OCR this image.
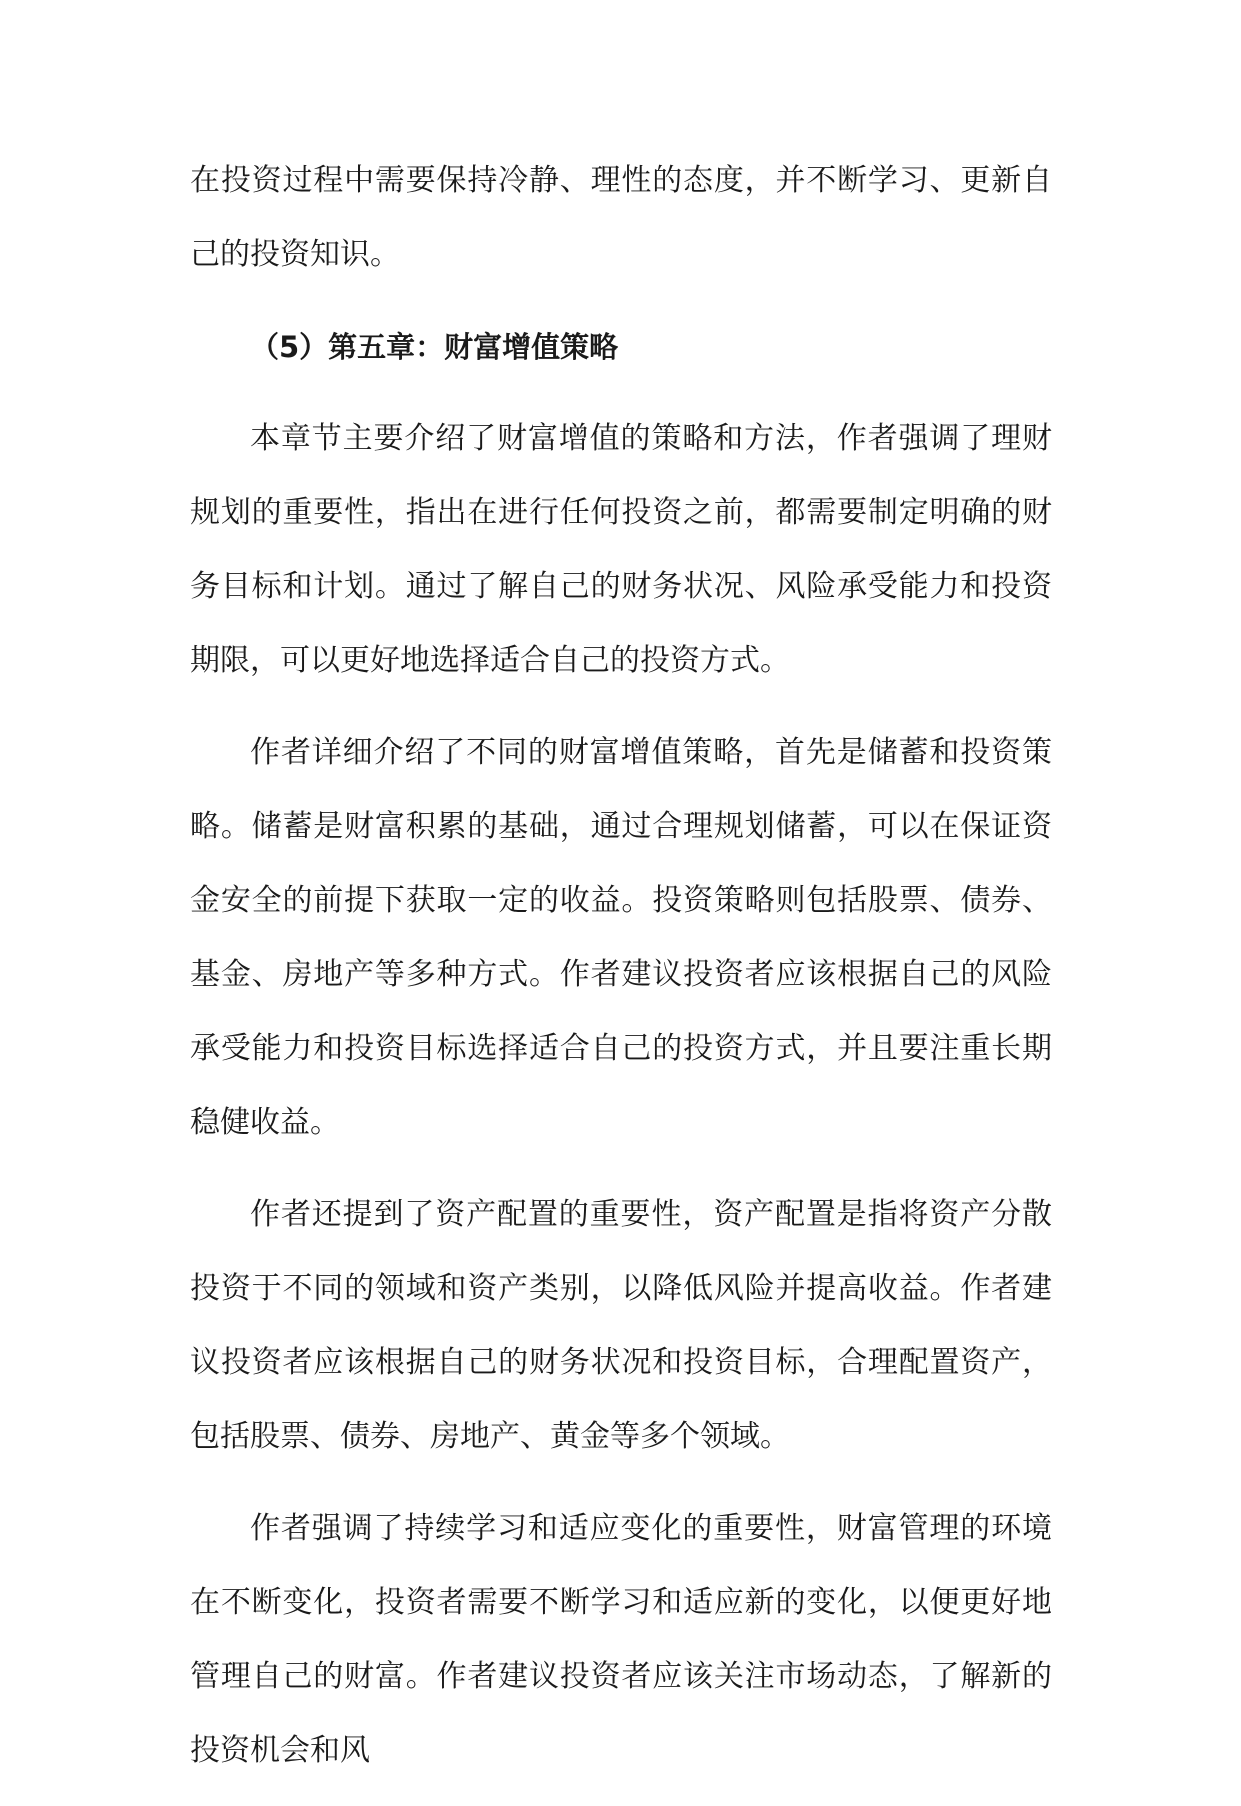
在投资过程中需要保持冷静、理性的态度，并不断学习、更新自己的投资知识。

（5）第五章：财富增值策略

本章节主要介绍了财富增值的策略和方法，作者强调了理财规划的重要性，指出在进行任何投资之前，都需要制定明确的财务目标和计划。通过了解自己的财务状况、风险承受能力和投资期限，可以更好地选择适合自己的投资方式。

作者详细介绍了不同的财富增值策略，首先是储蓄和投资策略。储蓄是财富积累的基础，通过合理规划储蓄，可以在保证资金安全的前提下获取一定的收益。投资策略则包括股票、债券、基金、房地产等多种方式。作者建议投资者应该根据自己的风险承受能力和投资目标选择适合自己的投资方式，并且要注重长期稳健收益。

作者还提到了资产配置的重要性，资产配置是指将资产分散投资于不同的领域和资产类别，以降低风险并提高收益。作者建议投资者应该根据自己的财务状况和投资目标，合理配置资产，包括股票、债券、房地产、黄金等多个领域。

作者强调了持续学习和适应变化的重要性，财富管理的环境在不断变化，投资者需要不断学习和适应新的变化，以便更好地管理自己的财富。作者建议投资者应该关注市场动态，了解新的投资机会和风
